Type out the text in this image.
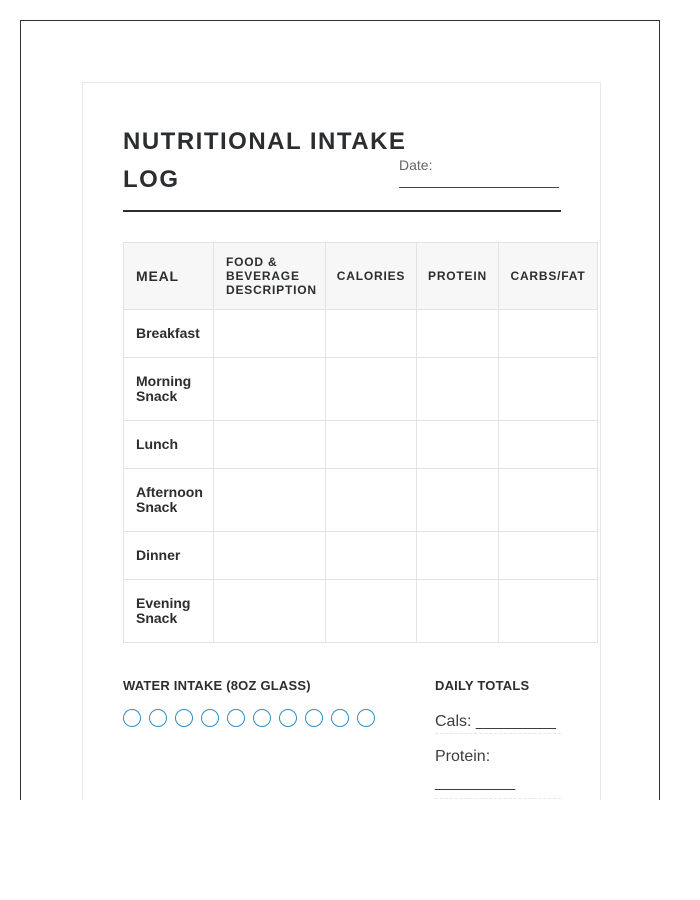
NUTRITIONAL INTAKE LOG
Date:
MEAL	FOOD & BEVERAGE DESCRIPTION	CALORIES	PROTEIN	CARBS/FAT
Breakfast				
Morning Snack				
Lunch				
Afternoon Snack				
Dinner				
Evening Snack				
WATER INTAKE (8OZ GLASS)	DAILY TOTALS
Cals: _________
Protein: _________
